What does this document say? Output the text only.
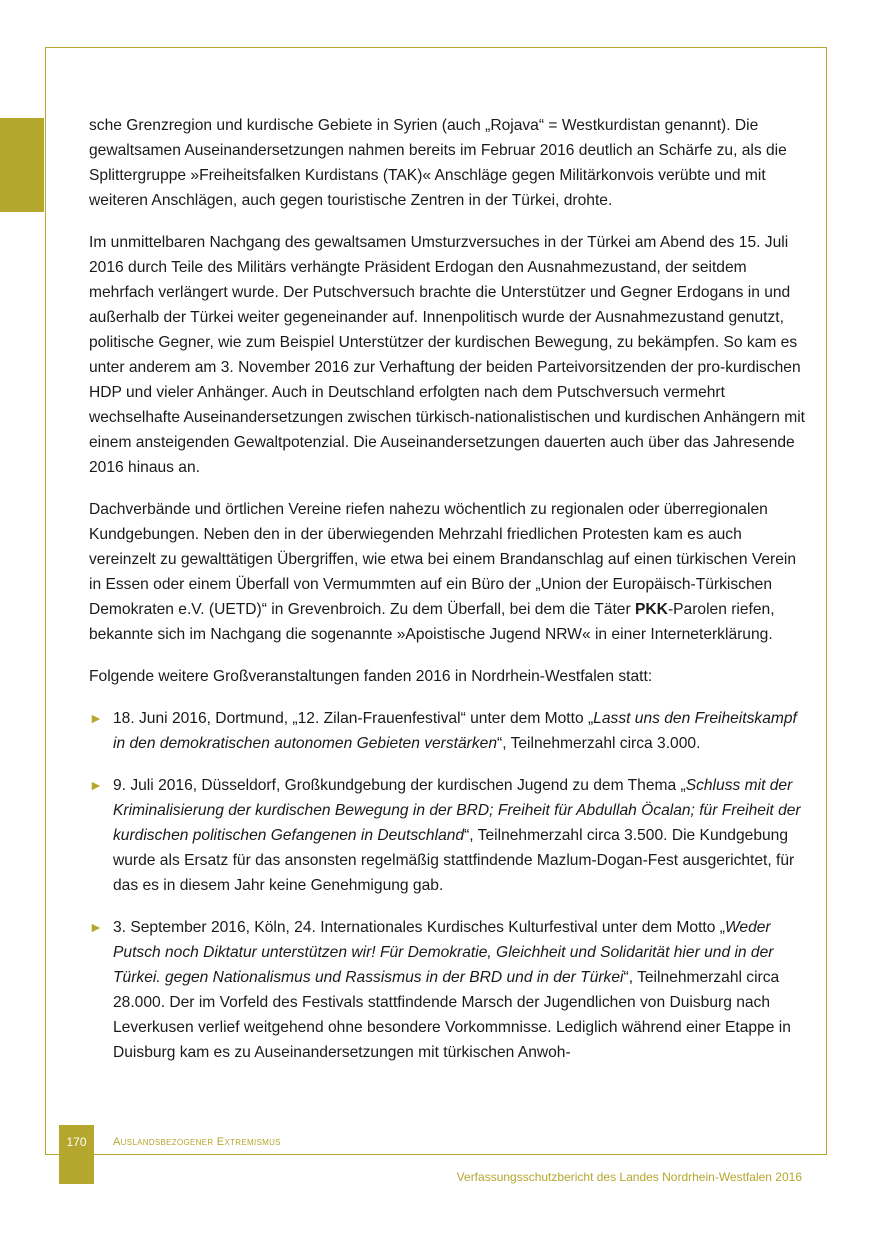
sche Grenzregion und kurdische Gebiete in Syrien (auch „Rojava“ = Westkurdistan genannt). Die gewaltsamen Auseinandersetzungen nahmen bereits im Februar 2016 deutlich an Schärfe zu, als die Splittergruppe »Freiheitsfalken Kurdistans (TAK)« Anschläge gegen Militärkonvois verübte und mit weiteren Anschlägen, auch gegen touristische Zentren in der Türkei, drohte.

Im unmittelbaren Nachgang des gewaltsamen Umsturzversuches in der Türkei am Abend des 15. Juli 2016 durch Teile des Militärs verhängte Präsident Erdogan den Ausnahmezustand, der seitdem mehrfach verlängert wurde. Der Putschversuch brachte die Unterstützer und Gegner Erdogans in und außerhalb der Türkei weiter gegeneinander auf. Innenpolitisch wurde der Ausnahmezustand genutzt, politische Gegner, wie zum Beispiel Unterstützer der kurdischen Bewegung, zu bekämpfen. So kam es unter anderem am 3. November 2016 zur Verhaftung der beiden Parteivorsitzenden der pro-kurdischen HDP und vieler Anhänger. Auch in Deutschland erfolgten nach dem Putschversuch vermehrt wechselhafte Auseinandersetzungen zwischen türkisch-nationalistischen und kurdischen Anhängern mit einem ansteigenden Gewaltpotenzial. Die Auseinandersetzungen dauerten auch über das Jahresende 2016 hinaus an.

Dachverbände und örtlichen Vereine riefen nahezu wöchentlich zu regionalen oder überregionalen Kundgebungen. Neben den in der überwiegenden Mehrzahl friedlichen Protesten kam es auch vereinzelt zu gewalttätigen Übergriffen, wie etwa bei einem Brandanschlag auf einen türkischen Verein in Essen oder einem Überfall von Vermummten auf ein Büro der „Union der Europäisch-Türkischen Demokraten e.V. (UETD)“ in Grevenbroich. Zu dem Überfall, bei dem die Täter PKK-Parolen riefen, bekannte sich im Nachgang die sogenannte »Apoistische Jugend NRW« in einer Interneterklärung.

Folgende weitere Großveranstaltungen fanden 2016 in Nordrhein-Westfalen statt:

► 18. Juni 2016, Dortmund, „12. Zilan-Frauenfestival“ unter dem Motto „Lasst uns den Freiheitskampf in den demokratischen autonomen Gebieten verstärken“, Teilnehmerzahl circa 3.000.
► 9. Juli 2016, Düsseldorf, Großkundgebung der kurdischen Jugend zu dem Thema „Schluss mit der Kriminalisierung der kurdischen Bewegung in der BRD; Freiheit für Abdullah Öcalan; für Freiheit der kurdischen politischen Gefangenen in Deutschland“, Teilnehmerzahl circa 3.500. Die Kundgebung wurde als Ersatz für das ansonsten regelmäßig stattfindende Mazlum-Dogan-Fest ausgerichtet, für das es in diesem Jahr keine Genehmigung gab.
► 3. September 2016, Köln, 24. Internationales Kurdisches Kulturfestival unter dem Motto „Weder Putsch noch Diktatur unterstützen wir! Für Demokratie, Gleichheit und Solidarität hier und in der Türkei. gegen Nationalismus und Rassismus in der BRD und in der Türkei“, Teilnehmerzahl circa 28.000. Der im Vorfeld des Festivals stattfindende Marsch der Jugendlichen von Duisburg nach Leverkusen verlief weitgehend ohne besondere Vorkommnisse. Lediglich während einer Etappe in Duisburg kam es zu Auseinandersetzungen mit türkischen Anwoh-
170	Auslandsbezogener Extremismus
Verfassungsschutzbericht des Landes Nordrhein-Westfalen 2016
